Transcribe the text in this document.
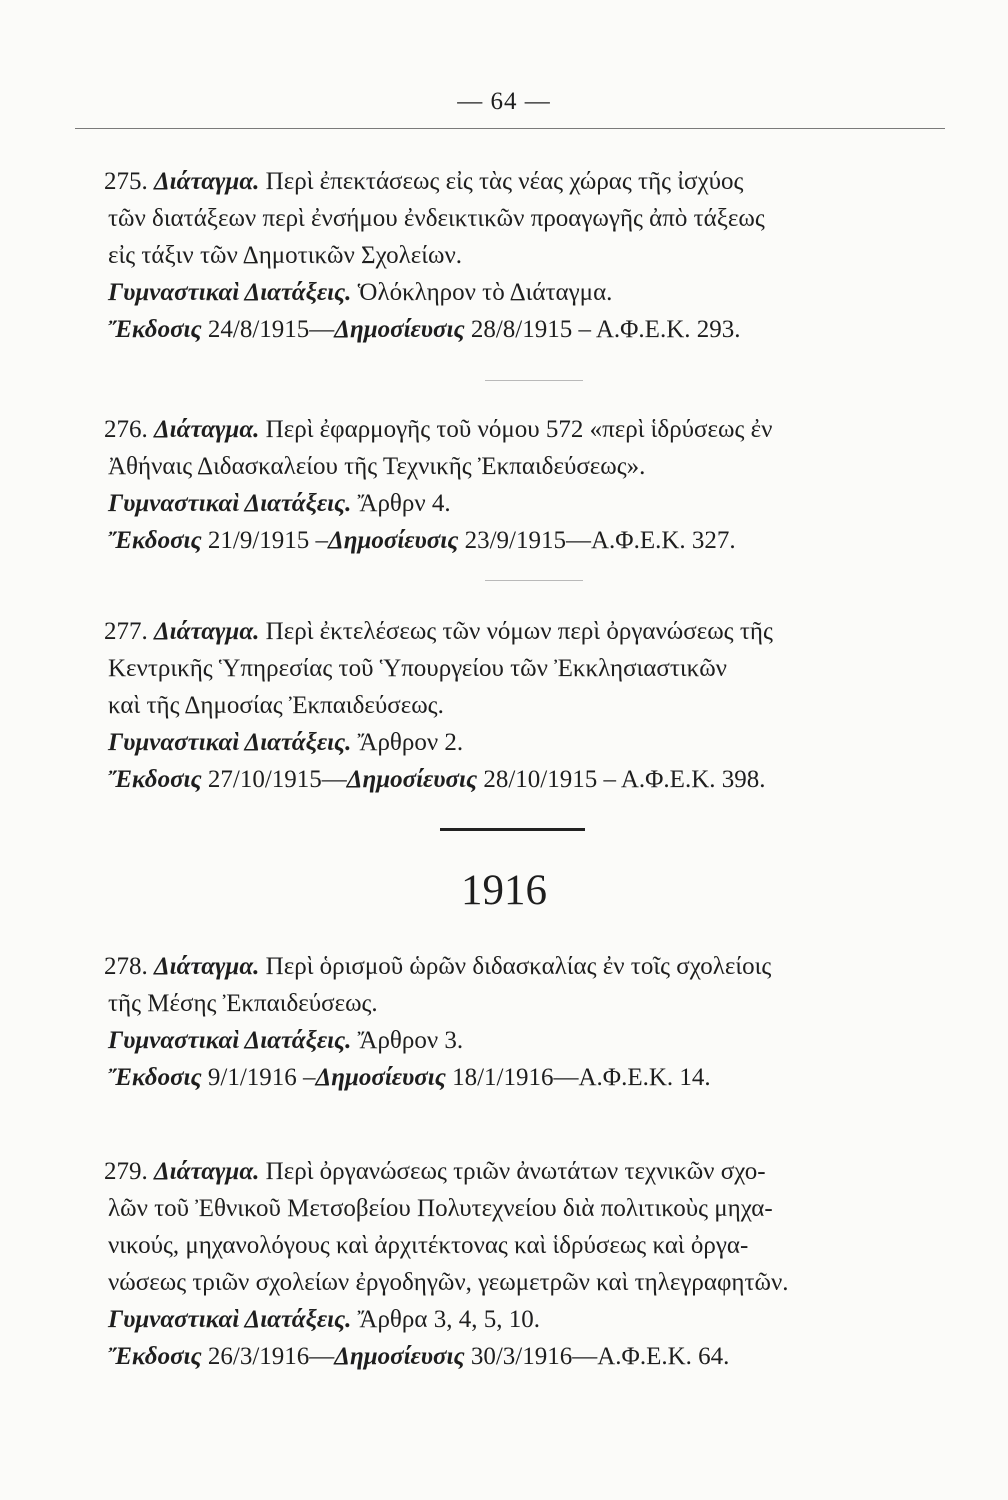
— 64 —

275. Διάταγμα. Περὶ ἐπεκτάσεως εἰς τὰς νέας χώρας τῆς ἰσχύος

τῶν διατάξεων περὶ ἐνσήμου ἐνδεικτικῶν προαγωγῆς ἀπὸ τάξεως

εἰς τάξιν τῶν Δημοτικῶν Σχολείων.

Γυμναστικαὶ Διατάξεις. Ὁλόκληρον τὸ Διάταγμα.

Ἔκδοσις 24/8/1915—Δημοσίευσις 28/8/1915 – Α.Φ.Ε.Κ. 293.

276. Διάταγμα. Περὶ ἐφαρμογῆς τοῦ νόμου 572 «περὶ ἱδρύσεως ἐν

Ἀθήναις Διδασκαλείου τῆς Τεχνικῆς Ἐκπαιδεύσεως».

Γυμναστικαὶ Διατάξεις. Ἄρθρν 4.

Ἔκδοσις 21/9/1915 –Δημοσίευσις 23/9/1915—Α.Φ.Ε.Κ. 327.

277. Διάταγμα. Περὶ ἐκτελέσεως τῶν νόμων περὶ ὀργανώσεως τῆς

Κεντρικῆς Ὑπηρεσίας τοῦ Ὑπουργείου τῶν Ἐκκλησιαστικῶν

καὶ τῆς Δημοσίας Ἐκπαιδεύσεως.

Γυμναστικαὶ Διατάξεις. Ἄρθρον 2.

Ἔκδοσις 27/10/1915—Δημοσίευσις 28/10/1915 – Α.Φ.Ε.Κ. 398.

1916

278. Διάταγμα. Περὶ ὁρισμοῦ ὡρῶν διδασκαλίας ἐν τοῖς σχολείοις

τῆς Μέσης Ἐκπαιδεύσεως.

Γυμναστικαὶ Διατάξεις. Ἄρθρον 3.

Ἔκδοσις 9/1/1916 –Δημοσίευσις 18/1/1916—Α.Φ.Ε.Κ. 14.

279. Διάταγμα. Περὶ ὀργανώσεως τριῶν ἀνωτάτων τεχνικῶν σχο-

λῶν τοῦ Ἐθνικοῦ Μετσοβείου Πολυτεχνείου διὰ πολιτικοὺς μηχα-

νικούς, μηχανολόγους καὶ ἀρχιτέκτονας καὶ ἱδρύσεως καὶ ὀργα-

νώσεως τριῶν σχολείων ἐργοδηγῶν, γεωμετρῶν καὶ τηλεγραφητῶν.

Γυμναστικαὶ Διατάξεις. Ἄρθρα 3, 4, 5, 10.

Ἔκδοσις 26/3/1916—Δημοσίευσις 30/3/1916—Α.Φ.Ε.Κ. 64.
